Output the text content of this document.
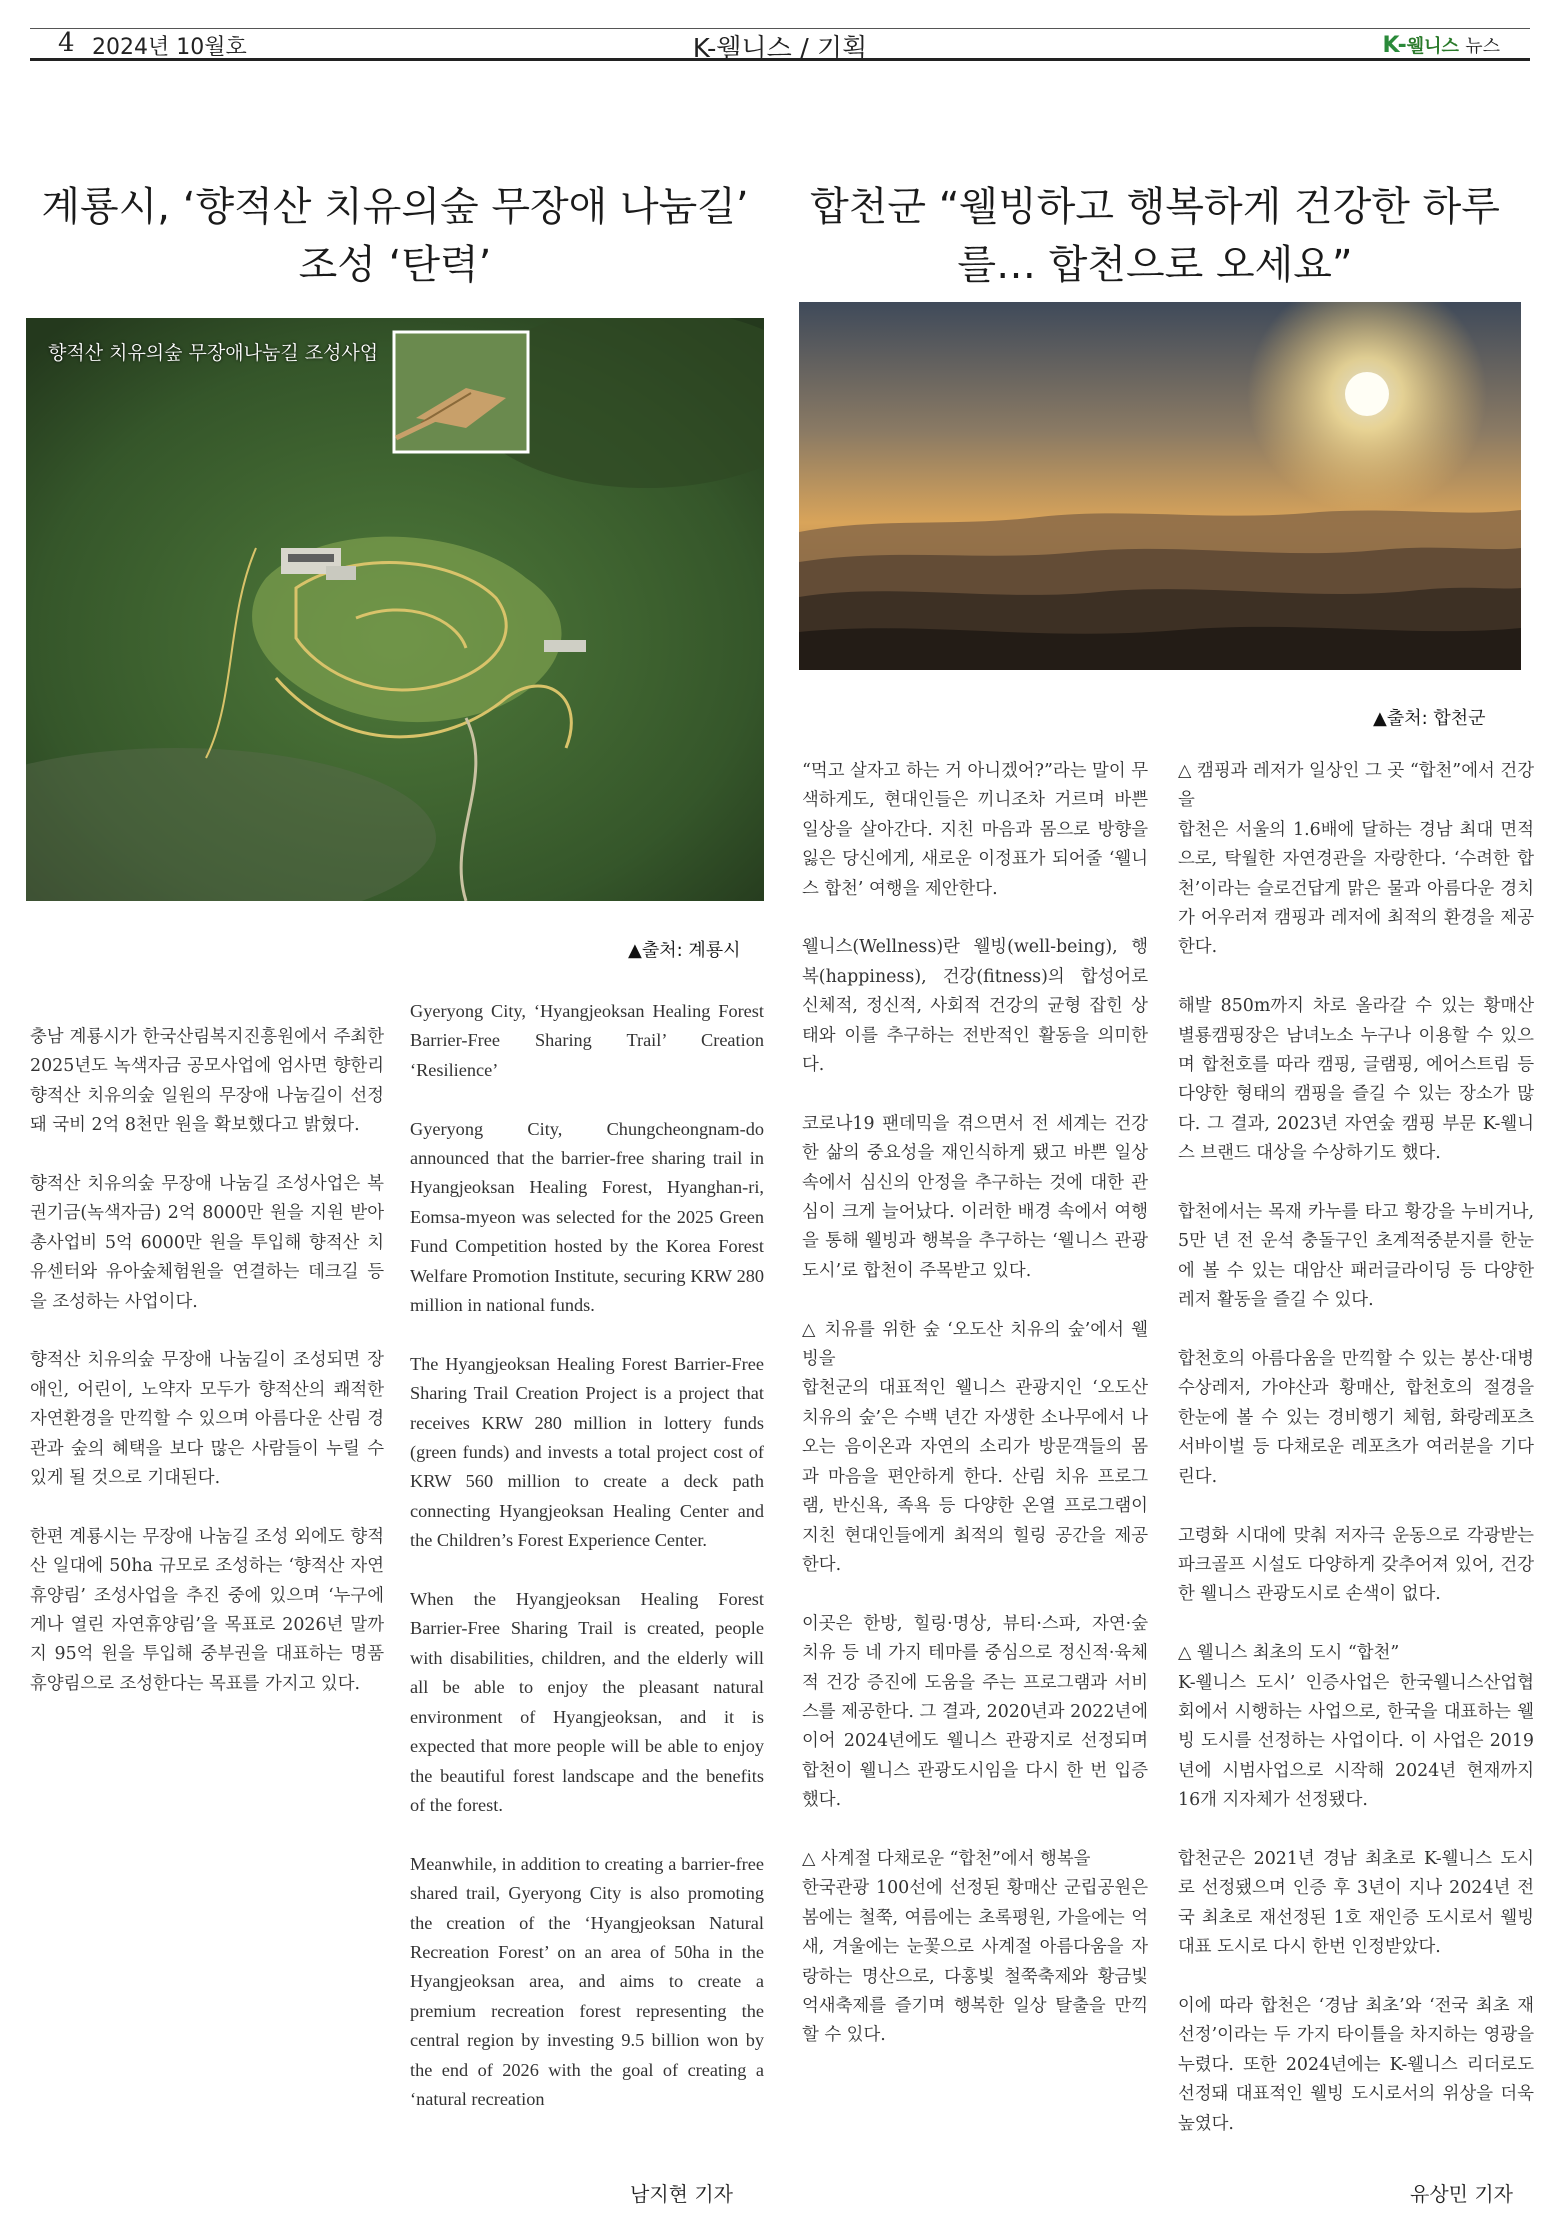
4 2024년 10월호	K-웰니스 / 기획	K-웰니스 뉴스
계룡시, ‘향적산 치유의숲 무장애 나눔길’ 조성 ‘탄력’
합천군 “웰빙하고 행복하게 건강한 하루를… 합천으로 오세요”
향적산 치유의숲 무장애나눔길 조성사업
▲출처: 계룡시
▲출처: 합천군

충남 계룡시가 한국산림복지진흥원에서 주최한 2025년도 녹색자금 공모사업에 엄사면 향한리 향적산 치유의숲 일원의 무장애 나눔길이 선정돼 국비 2억 8천만 원을 확보했다고 밝혔다.

향적산 치유의숲 무장애 나눔길 조성사업은 복권기금(녹색자금) 2억 8000만 원을 지원 받아 총사업비 5억 6000만 원을 투입해 향적산 치유센터와 유아숲체험원을 연결하는 데크길 등을 조성하는 사업이다.

향적산 치유의숲 무장애 나눔길이 조성되면 장애인, 어린이, 노약자 모두가 향적산의 쾌적한 자연환경을 만끽할 수 있으며 아름다운 산림 경관과 숲의 혜택을 보다 많은 사람들이 누릴 수 있게 될 것으로 기대된다.

한편 계룡시는 무장애 나눔길 조성 외에도 향적산 일대에 50ha 규모로 조성하는 ‘향적산 자연휴양림’ 조성사업을 추진 중에 있으며 ‘누구에게나 열린 자연휴양림’을 목표로 2026년 말까지 95억 원을 투입해 중부권을 대표하는 명품 휴양림으로 조성한다는 목표를 가지고 있다.

Gyeryong City, ‘Hyangjeoksan Healing Forest Barrier-Free Sharing Trail’ Creation ‘Resilience’

Gyeryong City, Chungcheongnam-do announced that the barrier-free sharing trail in Hyangjeoksan Healing Forest, Hyanghan-ri, Eomsa-myeon was selected for the 2025 Green Fund Competition hosted by the Korea Forest Welfare Promotion Institute, securing KRW 280 million in national funds.

The Hyangjeoksan Healing Forest Barrier-Free Sharing Trail Creation Project is a project that receives KRW 280 million in lottery funds (green funds) and invests a total project cost of KRW 560 million to create a deck path connecting Hyangjeoksan Healing Center and the Children’s Forest Experience Center.

When the Hyangjeoksan Healing Forest Barrier-Free Sharing Trail is created, people with disabilities, children, and the elderly will all be able to enjoy the pleasant natural environment of Hyangjeoksan, and it is expected that more people will be able to enjoy the beautiful forest landscape and the benefits of the forest.

Meanwhile, in addition to creating a barrier-free shared trail, Gyeryong City is also promoting the creation of the ‘Hyangjeoksan Natural Recreation Forest’ on an area of 50ha in the Hyangjeoksan area, and aims to create a premium recreation forest representing the central region by investing 9.5 billion won by the end of 2026 with the goal of creating a ‘natural recreation

남지현 기자

“먹고 살자고 하는 거 아니겠어?”라는 말이 무색하게도, 현대인들은 끼니조차 거르며 바쁜 일상을 살아간다. 지친 마음과 몸으로 방향을 잃은 당신에게, 새로운 이정표가 되어줄 ‘웰니스 합천’ 여행을 제안한다.

웰니스(Wellness)란 웰빙(well-being), 행복(happiness), 건강(fitness)의 합성어로 신체적, 정신적, 사회적 건강의 균형 잡힌 상태와 이를 추구하는 전반적인 활동을 의미한다.

코로나19 팬데믹을 겪으면서 전 세계는 건강한 삶의 중요성을 재인식하게 됐고 바쁜 일상 속에서 심신의 안정을 추구하는 것에 대한 관심이 크게 늘어났다. 이러한 배경 속에서 여행을 통해 웰빙과 행복을 추구하는 ‘웰니스 관광도시’로 합천이 주목받고 있다.

△ 치유를 위한 숲 ‘오도산 치유의 숲’에서 웰빙을

합천군의 대표적인 웰니스 관광지인 ‘오도산 치유의 숲’은 수백 년간 자생한 소나무에서 나오는 음이온과 자연의 소리가 방문객들의 몸과 마음을 편안하게 한다. 산림 치유 프로그램, 반신욕, 족욕 등 다양한 온열 프로그램이 지친 현대인들에게 최적의 힐링 공간을 제공한다.

이곳은 한방, 힐링·명상, 뷰티·스파, 자연·숲 치유 등 네 가지 테마를 중심으로 정신적·육체적 건강 증진에 도움을 주는 프로그램과 서비스를 제공한다. 그 결과, 2020년과 2022년에 이어 2024년에도 웰니스 관광지로 선정되며 합천이 웰니스 관광도시임을 다시 한 번 입증했다.

△ 사계절 다채로운 “합천”에서 행복을

한국관광 100선에 선정된 황매산 군립공원은 봄에는 철쭉, 여름에는 초록평원, 가을에는 억새, 겨울에는 눈꽃으로 사계절 아름다움을 자랑하는 명산으로, 다홍빛 철쭉축제와 황금빛 억새축제를 즐기며 행복한 일상 탈출을 만끽할 수 있다.

△ 캠핑과 레저가 일상인 그 곳 “합천”에서 건강을

합천은 서울의 1.6배에 달하는 경남 최대 면적으로, 탁월한 자연경관을 자랑한다. ‘수려한 합천’이라는 슬로건답게 맑은 물과 아름다운 경치가 어우러져 캠핑과 레저에 최적의 환경을 제공한다.

해발 850m까지 차로 올라갈 수 있는 황매산 별룡캠핑장은 남녀노소 누구나 이용할 수 있으며 합천호를 따라 캠핑, 글램핑, 에어스트림 등 다양한 형태의 캠핑을 즐길 수 있는 장소가 많다. 그 결과, 2023년 자연숲 캠핑 부문 K-웰니스 브랜드 대상을 수상하기도 했다.

합천에서는 목재 카누를 타고 황강을 누비거나, 5만 년 전 운석 충돌구인 초계적중분지를 한눈에 볼 수 있는 대암산 패러글라이딩 등 다양한 레저 활동을 즐길 수 있다.

합천호의 아름다움을 만끽할 수 있는 봉산·대병 수상레저, 가야산과 황매산, 합천호의 절경을 한눈에 볼 수 있는 경비행기 체험, 화랑레포츠 서바이벌 등 다채로운 레포츠가 여러분을 기다린다.

고령화 시대에 맞춰 저자극 운동으로 각광받는 파크골프 시설도 다양하게 갖추어져 있어, 건강한 웰니스 관광도시로 손색이 없다.

△ 웰니스 최초의 도시 “합천”

K-웰니스 도시’ 인증사업은 한국웰니스산업협회에서 시행하는 사업으로, 한국을 대표하는 웰빙 도시를 선정하는 사업이다. 이 사업은 2019년에 시범사업으로 시작해 2024년 현재까지 16개 지자체가 선정됐다.

합천군은 2021년 경남 최초로 K-웰니스 도시로 선정됐으며 인증 후 3년이 지나 2024년 전국 최초로 재선정된 1호 재인증 도시로서 웰빙 대표 도시로 다시 한번 인정받았다.

이에 따라 합천은 ‘경남 최초’와 ‘전국 최초 재선정’이라는 두 가지 타이틀을 차지하는 영광을 누렸다. 또한 2024년에는 K-웰니스 리더로도 선정돼 대표적인 웰빙 도시로서의 위상을 더욱 높였다.

유상민 기자
